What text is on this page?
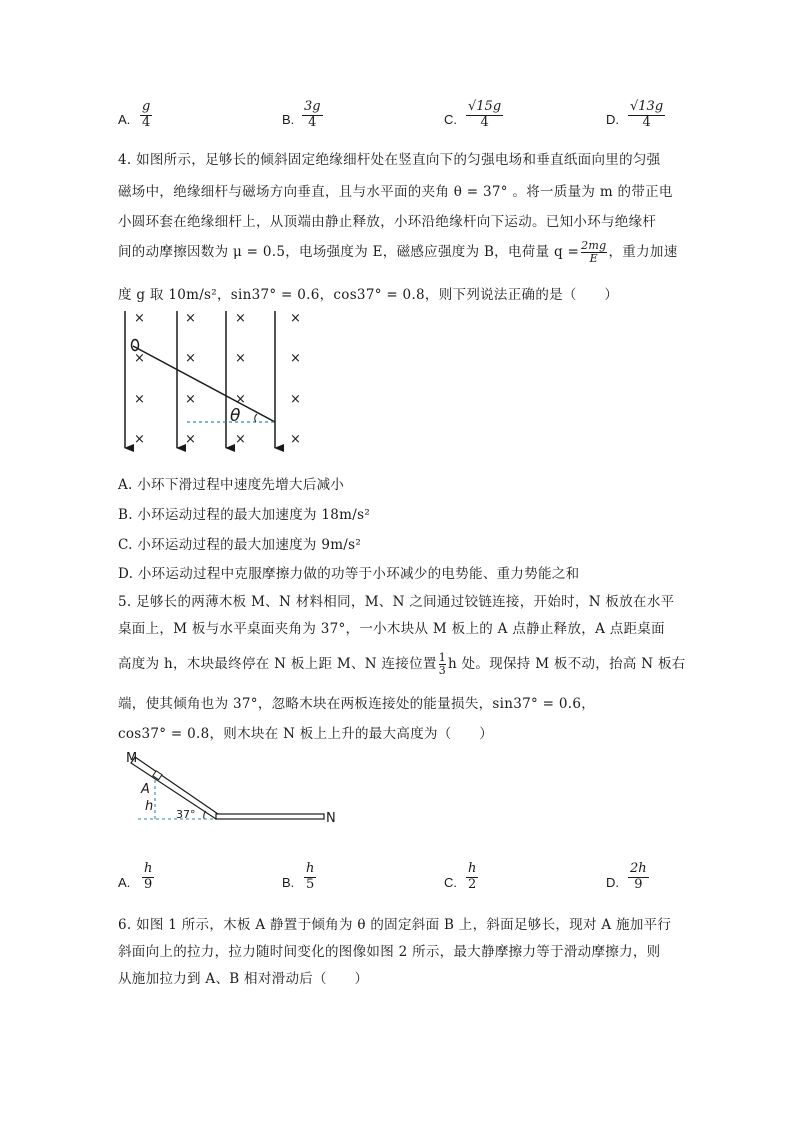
A.
g
4	B.
3g
4	C.
√15g
4	D.
√13g
4
4. 如图所示，足够长的倾斜固定绝缘细杆处在竖直向下的匀强电场和垂直纸面向里的匀强
磁场中，绝缘细杆与磁场方向垂直，且与水平面的夹角 θ = 37° 。将一质量为 m 的带正电
小圆环套在绝缘细杆上，从顶端由静止释放，小环沿绝缘杆向下运动。已知小环与绝缘杆
间的动摩擦因数为 μ = 0.5，电场强度为 E，磁感应强度为 B，电荷量 $q = \frac{2mg}{E}$ ，重力加速
度 g 取 10m/s²，sin37° = 0.6，cos37° = 0.8，则下列说法正确的是（　　）
×	×	×	×
×	×	×	×
×	×	×	×
×	×	×	×
θ
A. 小环下滑过程中速度先增大后减小
B. 小环运动过程的最大加速度为 18m/s²
C. 小环运动过程的最大加速度为 9m/s²
D. 小环运动过程中克服摩擦力做的功等于小环减少的电势能、重力势能之和
5. 足够长的两薄木板 M、N 材料相同，M、N 之间通过铰链连接，开始时，N 板放在水平
桌面上，M 板与水平桌面夹角为 37°，一小木块从 M 板上的 A 点静止释放，A 点距桌面
高度为 h，木块最终停在 N 板上距 M、N 连接位置 $\frac{1}{3}$ h 处。现保持 M 板不动，抬高 N 板右
端，使其倾角也为 37°，忽略木块在两板连接处的能量损失，sin37° = 0.6，
cos37° = 0.8，则木块在 N 板上上升的最大高度为（　　）
M
N
A
h
37°
A.
h
9	B.
h
5	C.
h
2	D.
2h
9
6. 如图 1 所示，木板 A 静置于倾角为 θ 的固定斜面 B 上，斜面足够长，现对 A 施加平行
斜面向上的拉力，拉力随时间变化的图像如图 2 所示，最大静摩擦力等于滑动摩擦力，则
从施加拉力到 A、B 相对滑动后（　　）
